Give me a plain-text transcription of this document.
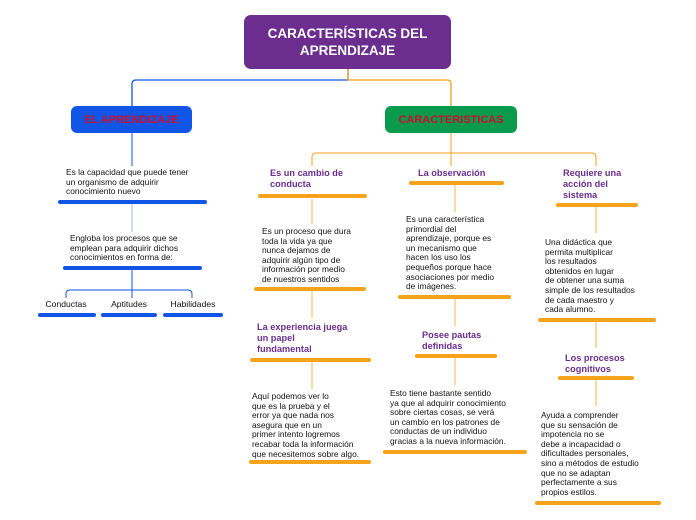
CARACTERÍSTICAS DEL
APRENDIZAJE
EL APRENDIZAJE
Es la capacidad que puede tener
un organismo de adquirir
conocimiento nuevo
Engloba los procesos que se
emplean para adquirir dichos
conocimientos en forma de:
Conductas	Aptitudes	Habilidades
CARACTERISTICAS
Es un cambio de
conducta
Es un proceso que dura
toda la vida ya que
nunca dejamos de
adquirir algún tipo de
información por medio
de nuestros sentidos
La experiencia juega
un papel
fundamental
Aquí podemos ver lo
que es la prueba y el
error ya que nada nos
asegura que en un
primer intento logremos
recabar toda la información
que necesitemos sobre algo.
La observación
Es una característica
primordial del
aprendizaje, porque es
un mecanismo que
hacen los uso los
pequeños porque hace
asociaciones por medio
de imágenes.
Posee pautas
definidas
Esto tiene bastante sentido
ya que al adquirir conocimiento
sobre ciertas cosas, se verá
un cambio en los patrones de
conductas de un individuo
gracias a la nueva información.
Requiere una
acción del
sistema
Una didáctica que
permita multiplicar
los resultados
obtenidos en lugar
de obtener una suma
simple de los resultados
de cada maestro y
cada alumno.
Los procesos
cognitivos
Ayuda a comprender
que su sensación de
impotencia no se
debe a incapacidad o
dificultades personales,
sino a métodos de estudio
que no se adaptan
perfectamente a sus
propios estilos.
